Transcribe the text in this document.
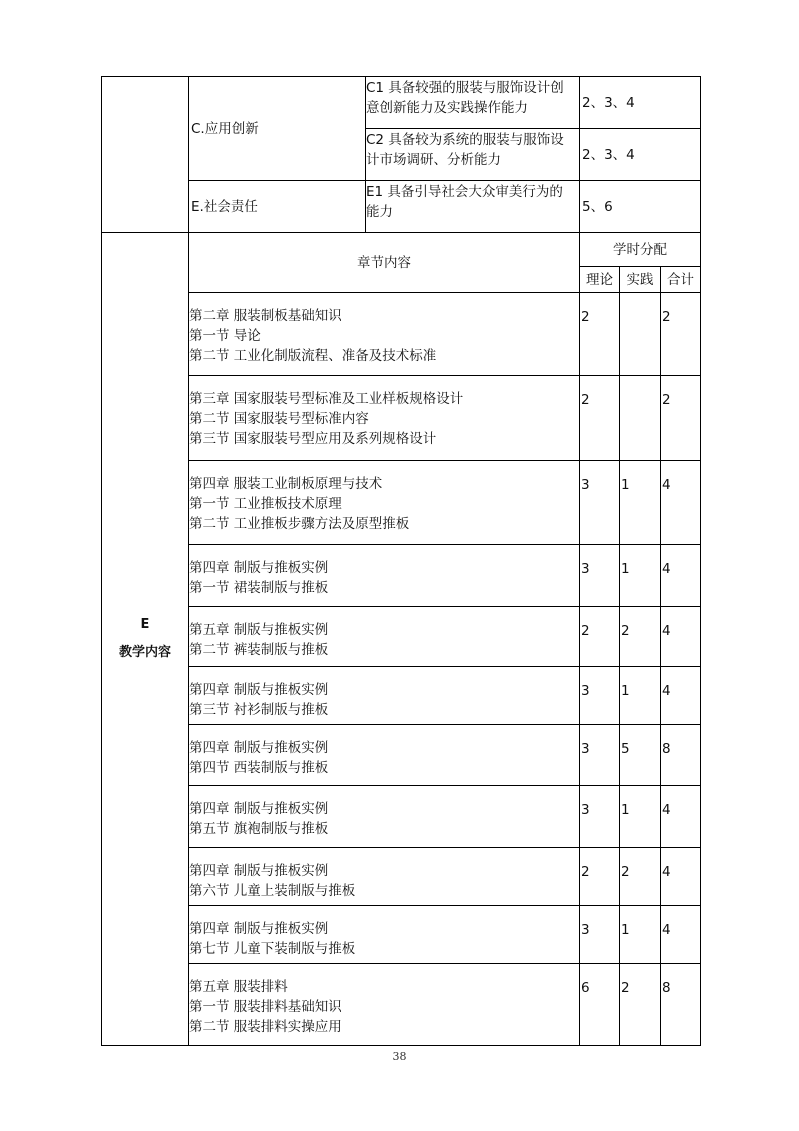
	C.应用创新	C1 具备较强的服装与服饰设计创
意创新能力及实践操作能力	2、3、4		

		C2 具备较为系统的服装与服饰设
计市场调研、分析能力	2、3、4		
	E.社会责任	E1 具备引导社会大众审美行为的
能力	5、6		

E
教学内容	章节内容		学时分配		
			理论	实践	合计

	第二章 服装制板基础知识
第一节 导论
第二节 工业化制版流程、准备及技术标准		2		2

	第三章 国家服装号型标准及工业样板规格设计
第二节 国家服装号型标准内容
第三节 国家服装号型应用及系列规格设计		2		2

	第四章 服装工业制板原理与技术
第一节 工业推板技术原理
第二节 工业推板步骤方法及原型推板		3	1	4

	第四章 制版与推板实例
第一节 裙装制版与推板		3	1	4

	第五章 制版与推板实例
第二节 裤装制版与推板		2	2	4

	第四章 制版与推板实例
第三节 衬衫制版与推板		3	1	4

	第四章 制版与推板实例
第四节 西装制版与推板		3	5	8

	第四章 制版与推板实例
第五节 旗袍制版与推板		3	1	4

	第四章 制版与推板实例
第六节 儿童上装制版与推板		2	2	4

	第四章 制版与推板实例
第七节 儿童下装制版与推板		3	1	4

	第五章 服装排料
第一节 服装排料基础知识
第二节 服装排料实操应用		6	2	8
38
